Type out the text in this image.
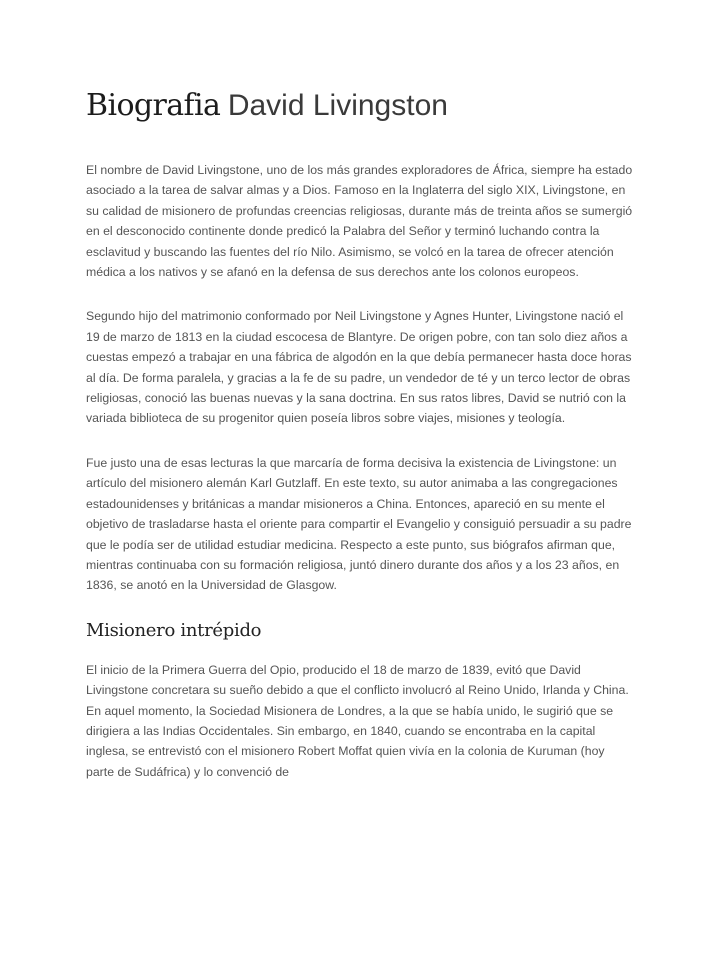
Biografia David Livingston

El nombre de David Livingstone, uno de los más grandes exploradores de África, siempre ha estado asociado a la tarea de salvar almas y a Dios. Famoso en la Inglaterra del siglo XIX, Livingstone, en su calidad de misionero de profundas creencias religiosas, durante más de treinta años se sumergió en el desconocido continente donde predicó la Palabra del Señor y terminó luchando contra la esclavitud y buscando las fuentes del río Nilo. Asimismo, se volcó en la tarea de ofrecer atención médica a los nativos y se afanó en la defensa de sus derechos ante los colonos europeos.

Segundo hijo del matrimonio conformado por Neil Livingstone y Agnes Hunter, Livingstone nació el 19 de marzo de 1813 en la ciudad escocesa de Blantyre. De origen pobre, con tan solo diez años a cuestas empezó a trabajar en una fábrica de algodón en la que debía permanecer hasta doce horas al día. De forma paralela, y gracias a la fe de su padre, un vendedor de té y un terco lector de obras religiosas, conoció las buenas nuevas y la sana doctrina. En sus ratos libres, David se nutrió con la variada biblioteca de su progenitor quien poseía libros sobre viajes, misiones y teología.

Fue justo una de esas lecturas la que marcaría de forma decisiva la existencia de Livingstone: un artículo del misionero alemán Karl Gutzlaff. En este texto, su autor animaba a las congregaciones estadounidenses y británicas a mandar misioneros a China. Entonces, apareció en su mente el objetivo de trasladarse hasta el oriente para compartir el Evangelio y consiguió persuadir a su padre que le podía ser de utilidad estudiar medicina. Respecto a este punto, sus biógrafos afirman que, mientras continuaba con su formación religiosa, juntó dinero durante dos años y a los 23 años, en 1836, se anotó en la Universidad de Glasgow.

Misionero intrépido

El inicio de la Primera Guerra del Opio, producido el 18 de marzo de 1839, evitó que David Livingstone concretara su sueño debido a que el conflicto involucró al Reino Unido, Irlanda y China. En aquel momento, la Sociedad Misionera de Londres, a la que se había unido, le sugirió que se dirigiera a las Indias Occidentales. Sin embargo, en 1840, cuando se encontraba en la capital inglesa, se entrevistó con el misionero Robert Moffat quien vivía en la colonia de Kuruman (hoy parte de Sudáfrica) y lo convenció de
